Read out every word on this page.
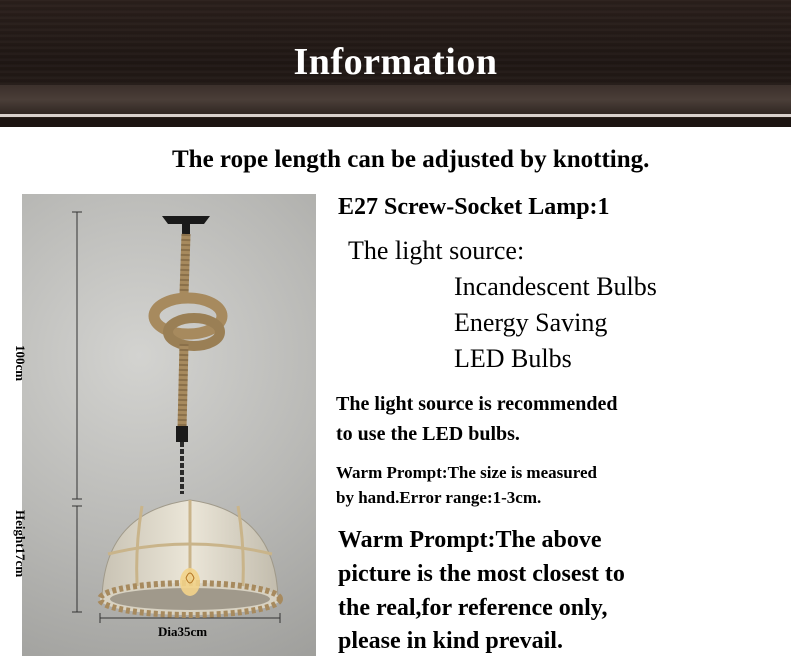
Information
The rope length can be adjusted by knotting.
100cm
Height17cm
Dia35cm
E27 Screw-Socket Lamp:1
The light source:
Incandescent Bulbs
Energy Saving
LED Bulbs
The light source is recommended
to use the LED bulbs.
Warm Prompt:The size is measured
by hand.Error range:1-3cm.
Warm Prompt:The above
picture is the most closest to
the real,for reference only,
please in kind prevail.
